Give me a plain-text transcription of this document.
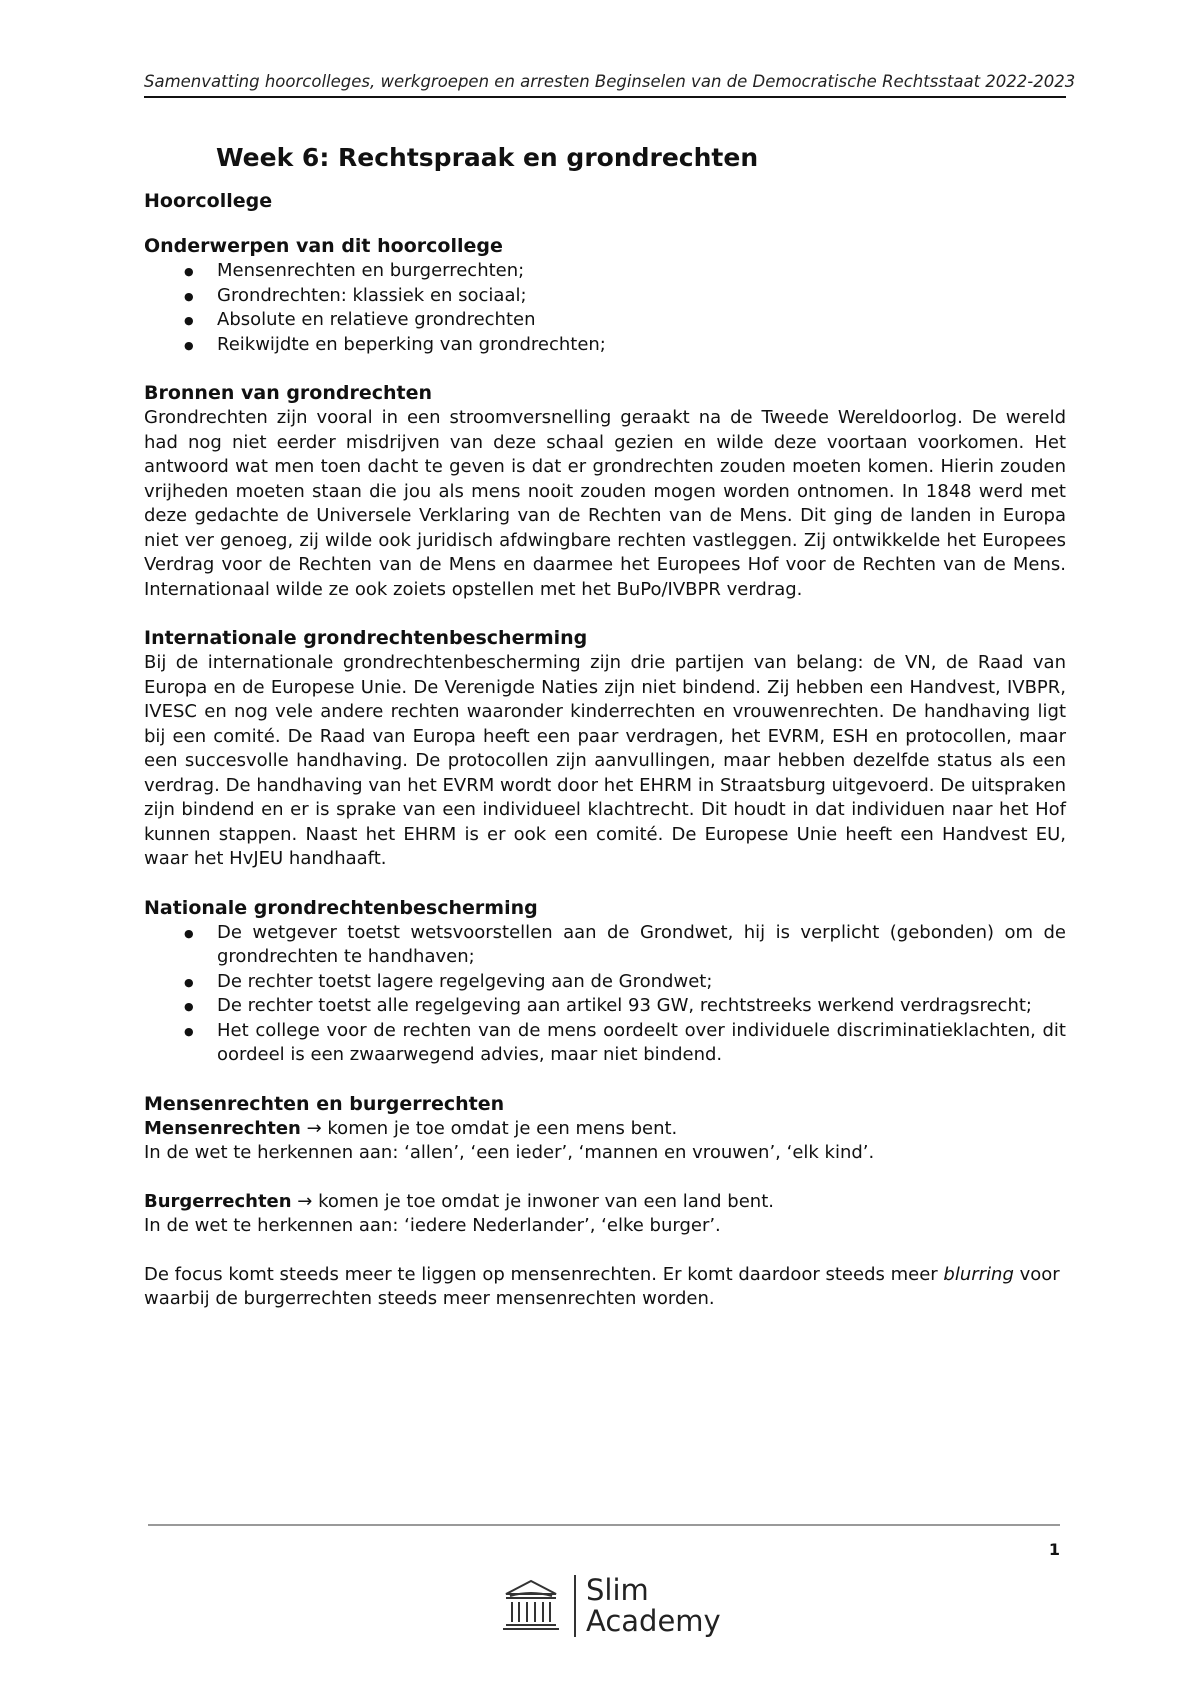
Samenvatting hoorcolleges, werkgroepen en arresten Beginselen van de Democratische Rechtsstaat 2022-2023
Week 6: Rechtspraak en grondrechten
Hoorcollege
Onderwerpen van dit hoorcollege
● Mensenrechten en burgerrechten;
● Grondrechten: klassiek en sociaal;
● Absolute en relatieve grondrechten
● Reikwijdte en beperking van grondrechten;
Bronnen van grondrechten

Grondrechten zijn vooral in een stroomversnelling geraakt na de Tweede Wereldoorlog. De wereld had nog niet eerder misdrijven van deze schaal gezien en wilde deze voortaan voorkomen. Het antwoord wat men toen dacht te geven is dat er grondrechten zouden moeten komen. Hierin zouden vrijheden moeten staan die jou als mens nooit zouden mogen worden ontnomen. In 1848 werd met deze gedachte de Universele Verklaring van de Rechten van de Mens. Dit ging de landen in Europa niet ver genoeg, zij wilde ook juridisch afdwingbare rechten vastleggen. Zij ontwikkelde het Europees Verdrag voor de Rechten van de Mens en daarmee het Europees Hof voor de Rechten van de Mens. Internationaal wilde ze ook zoiets opstellen met het BuPo/IVBPR verdrag.

Internationale grondrechtenbescherming

Bij de internationale grondrechtenbescherming zijn drie partijen van belang: de VN, de Raad van Europa en de Europese Unie. De Verenigde Naties zijn niet bindend. Zij hebben een Handvest, IVBPR, IVESC en nog vele andere rechten waaronder kinderrechten en vrouwenrechten. De handhaving ligt bij een comité. De Raad van Europa heeft een paar verdragen, het EVRM, ESH en protocollen, maar een succesvolle handhaving. De protocollen zijn aanvullingen, maar hebben dezelfde status als een verdrag. De handhaving van het EVRM wordt door het EHRM in Straatsburg uitgevoerd. De uitspraken zijn bindend en er is sprake van een individueel klachtrecht. Dit houdt in dat individuen naar het Hof kunnen stappen. Naast het EHRM is er ook een comité. De Europese Unie heeft een Handvest EU, waar het HvJEU handhaaft.

Nationale grondrechtenbescherming
● De wetgever toetst wetsvoorstellen aan de Grondwet, hij is verplicht (gebonden) om de grondrechten te handhaven;
● De rechter toetst lagere regelgeving aan de Grondwet;
● De rechter toetst alle regelgeving aan artikel 93 GW, rechtstreeks werkend verdragsrecht;
● Het college voor de rechten van de mens oordeelt over individuele discriminatieklachten, dit oordeel is een zwaarwegend advies, maar niet bindend.
Mensenrechten en burgerrechten

Mensenrechten → komen je toe omdat je een mens bent.

In de wet te herkennen aan: ‘allen’, ‘een ieder’, ‘mannen en vrouwen’, ‘elk kind’.

Burgerrechten → komen je toe omdat je inwoner van een land bent.

In de wet te herkennen aan: ‘iedere Nederlander’, ‘elke burger’.

De focus komt steeds meer te liggen op mensenrechten. Er komt daardoor steeds meer blurring voor waarbij de burgerrechten steeds meer mensenrechten worden.

1
Slim
Academy
